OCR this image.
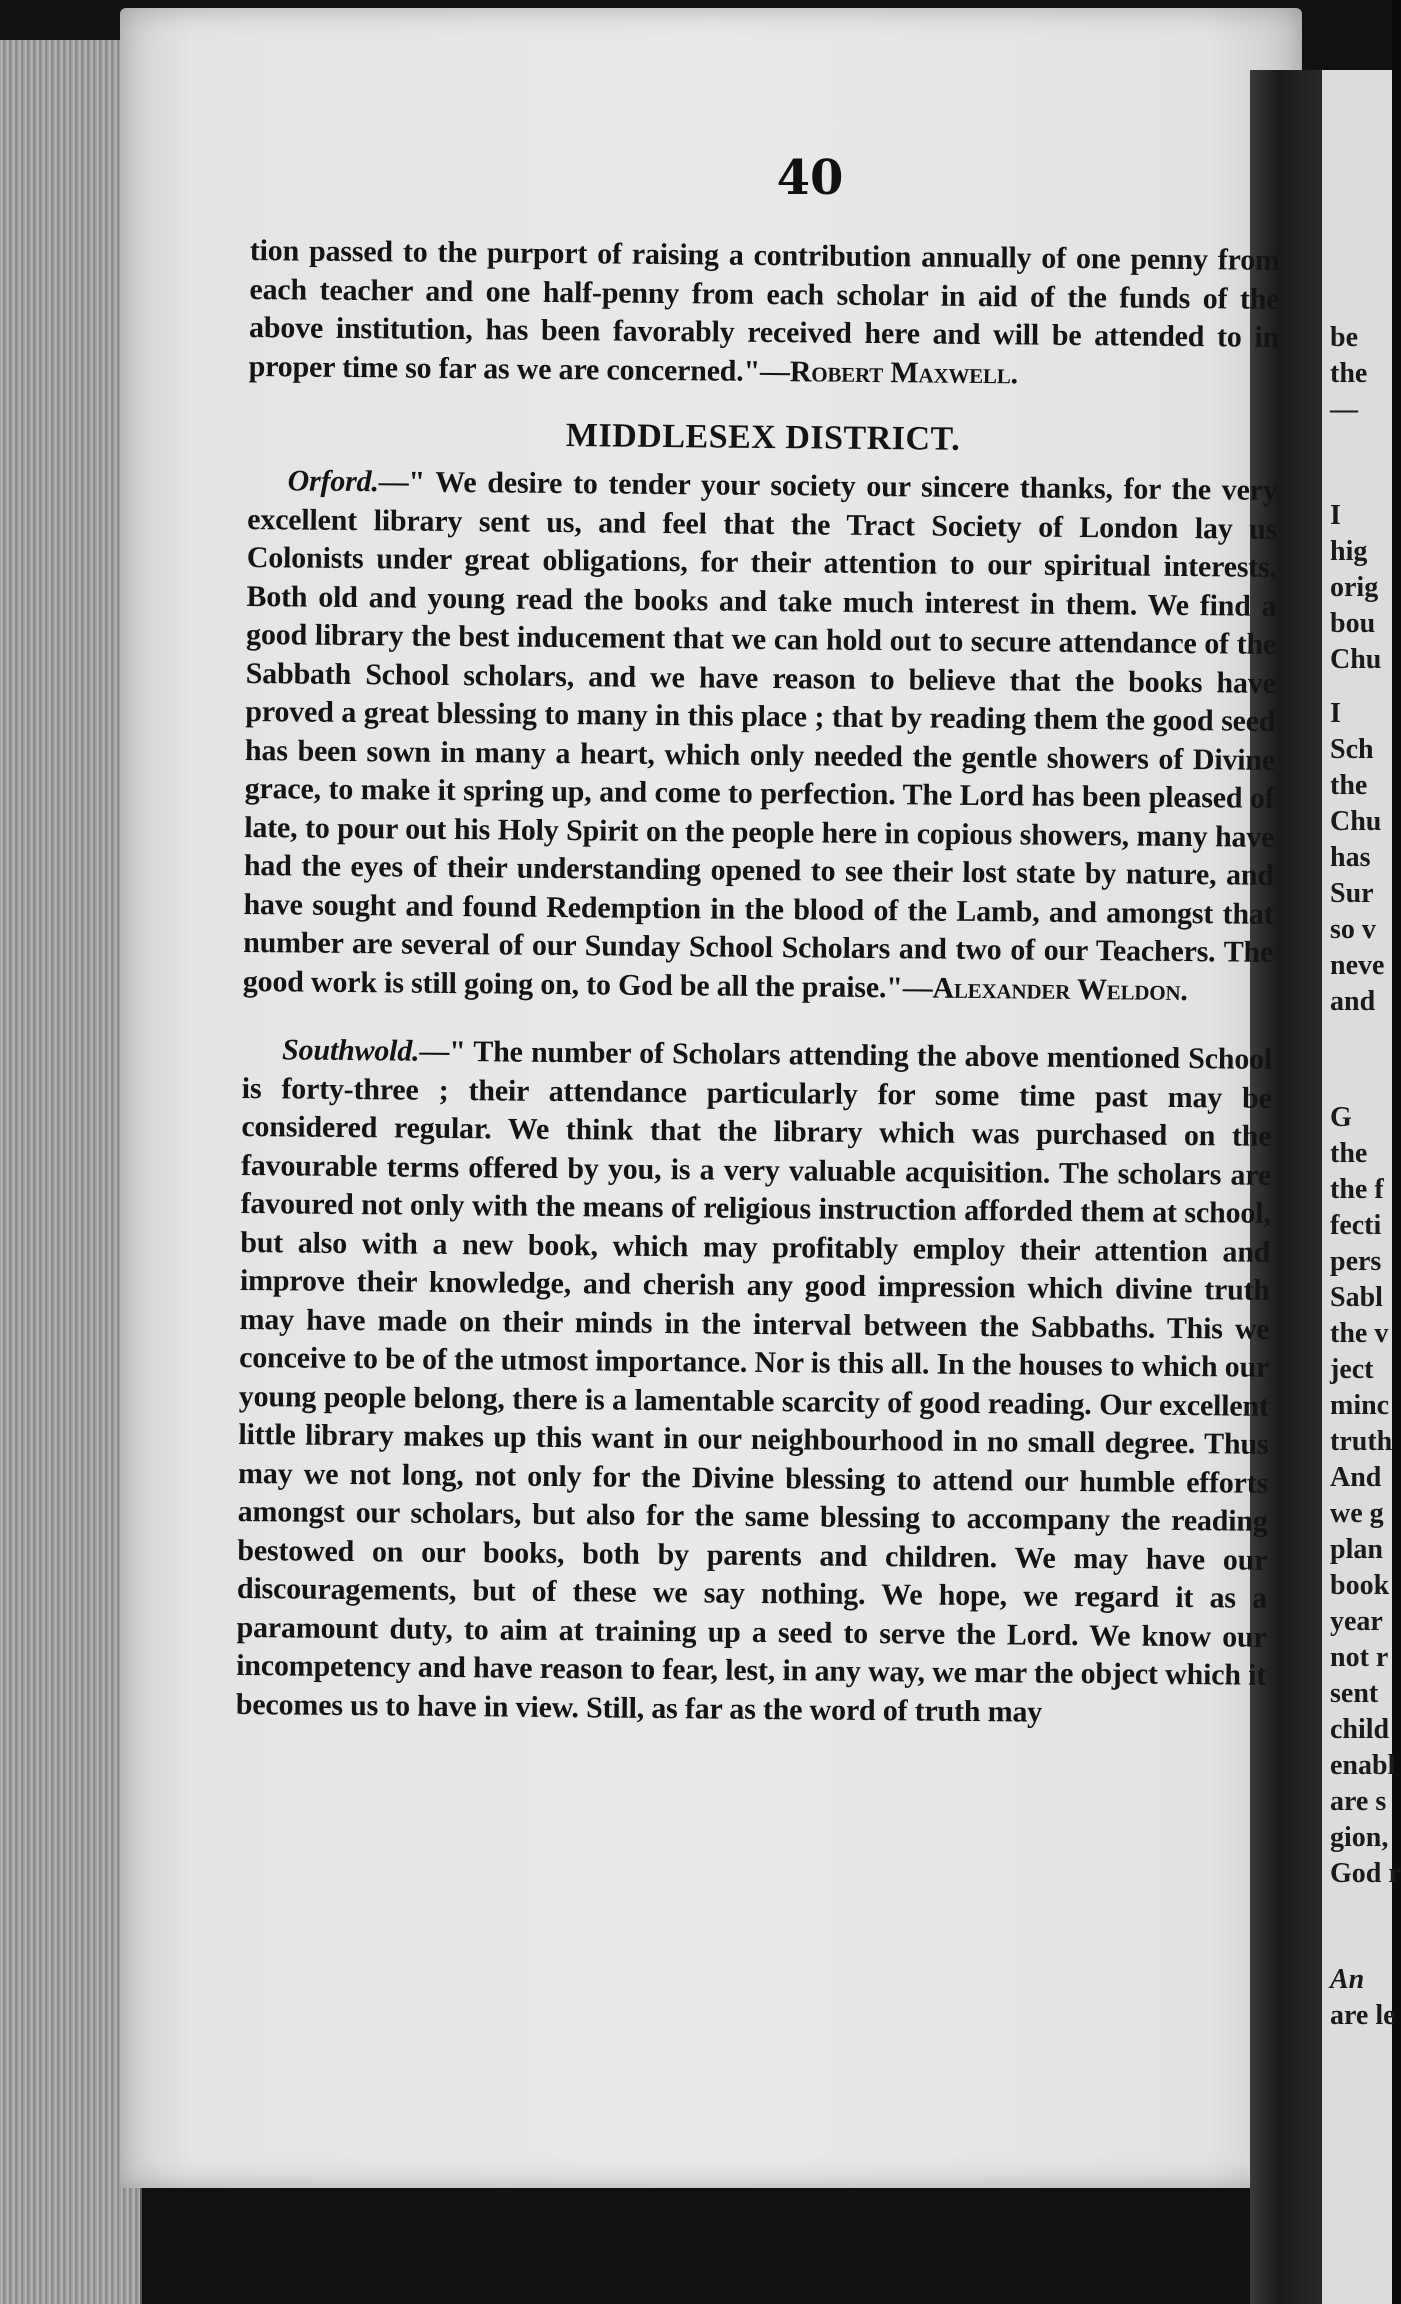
be
the
—
I
hig
orig
bou
Chu
I
Sch
the
Chu
has
Sur
so v
neve
and
G
the
the f
fecti
pers
Sabl
the v
ject
minc
truth
And
we g
plan
book
year
not r
sent
child
enabl
are s
gion,
God r
An
are le
40

tion passed to the purport of raising a contribution annually of one penny from each teacher and one half-penny from each scholar in aid of the funds of the above institution, has been favorably received here and will be attended to in proper time so far as we are concerned."—Robert Maxwell.

MIDDLESEX DISTRICT.

Orford.—" We desire to tender your society our sincere thanks, for the very excellent library sent us, and feel that the Tract Society of London lay us Colonists under great obligations, for their attention to our spiritual interests. Both old and young read the books and take much interest in them. We find a good library the best inducement that we can hold out to secure attendance of the Sabbath School scholars, and we have reason to believe that the books have proved a great blessing to many in this place ; that by reading them the good seed has been sown in many a heart, which only needed the gentle showers of Divine grace, to make it spring up, and come to perfection. The Lord has been pleased of late, to pour out his Holy Spirit on the people here in copious showers, many have had the eyes of their understanding opened to see their lost state by nature, and have sought and found Redemption in the blood of the Lamb, and amongst that number are several of our Sunday School Scholars and two of our Teachers. The good work is still going on, to God be all the praise."—Alexander Weldon.

Southwold.—" The number of Scholars attending the above mentioned School is forty-three ; their attendance particularly for some time past may be considered regular. We think that the library which was purchased on the favourable terms offered by you, is a very valuable acquisition. The scholars are favoured not only with the means of religious instruction afforded them at school, but also with a new book, which may profitably employ their attention and improve their knowledge, and cherish any good impression which divine truth may have made on their minds in the interval between the Sabbaths. This we conceive to be of the utmost importance. Nor is this all. In the houses to which our young people belong, there is a lamentable scarcity of good reading. Our excellent little library makes up this want in our neighbourhood in no small degree. Thus may we not long, not only for the Divine blessing to attend our humble efforts amongst our scholars, but also for the same blessing to accompany the reading bestowed on our books, both by parents and children. We may have our discouragements, but of these we say nothing. We hope, we regard it as a paramount duty, to aim at training up a seed to serve the Lord. We know our incompetency and have reason to fear, lest, in any way, we mar the object which it becomes us to have in view. Still, as far as the word of truth may
